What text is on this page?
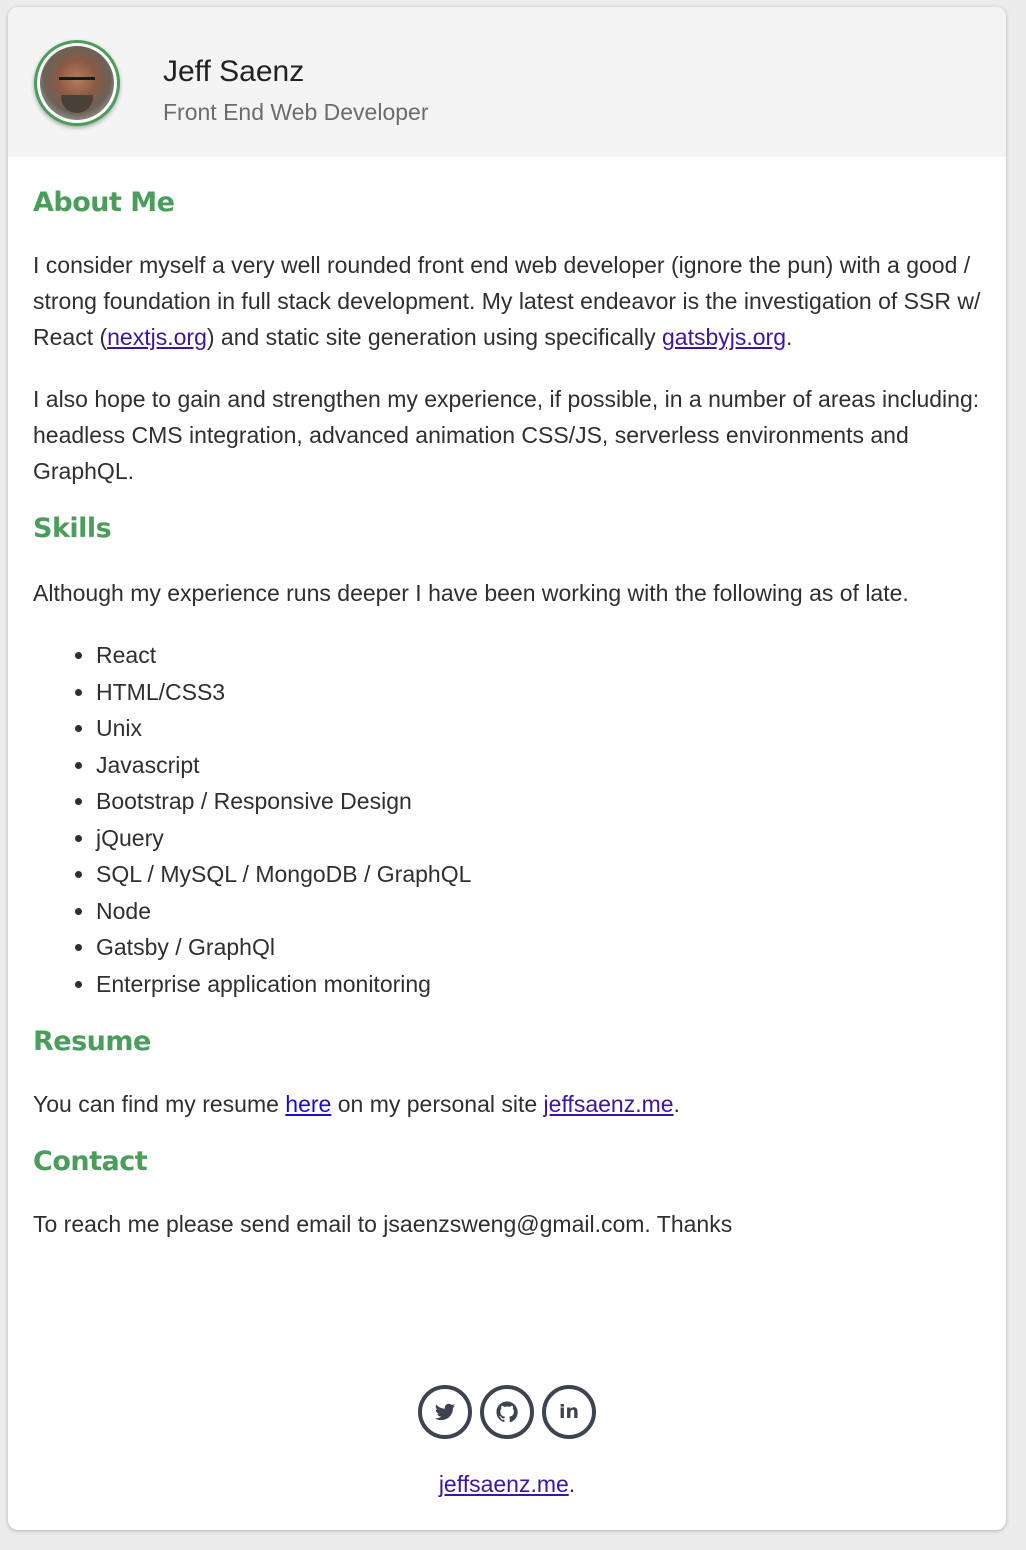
Jeff Saenz
Front End Web Developer
About Me

I consider myself a very well rounded front end web developer (ignore the pun) with a good / strong foundation in full stack development. My latest endeavor is the investigation of SSR w/ React (nextjs.org) and static site generation using specifically gatsbyjs.org.

I also hope to gain and strengthen my experience, if possible, in a number of areas including: headless CMS integration, advanced animation CSS/JS, serverless environments and GraphQL.

Skills

Although my experience runs deeper I have been working with the following as of late.

• React
• HTML/CSS3
• Unix
• Javascript
• Bootstrap / Responsive Design
• jQuery
• SQL / MySQL / MongoDB / GraphQL
• Node
• Gatsby / GraphQl
• Enterprise application monitoring
Resume

You can find my resume here on my personal site jeffsaenz.me.

Contact

To reach me please send email to jsaenzsweng@gmail.com. Thanks

in
jeffsaenz.me.
